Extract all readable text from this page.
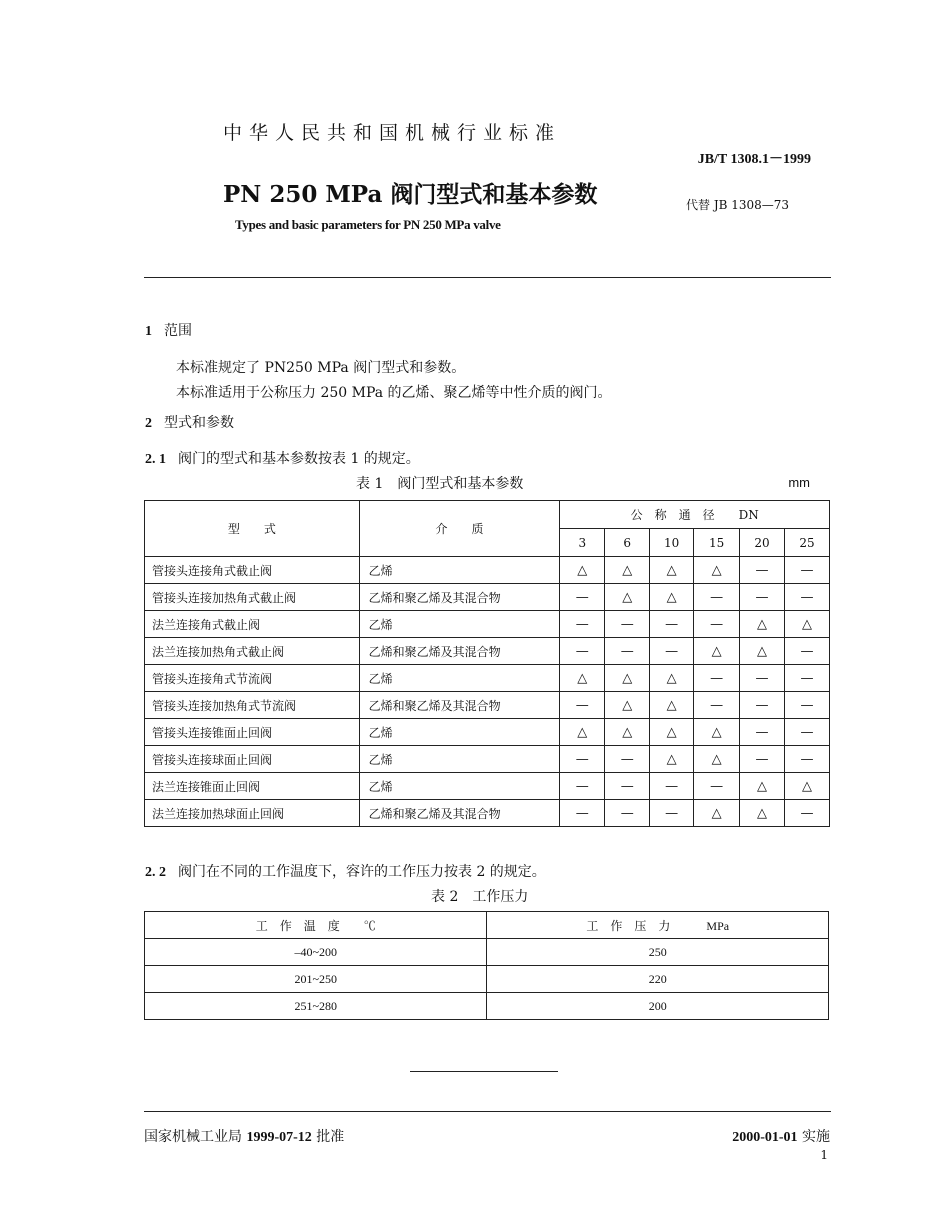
中华人民共和国机械行业标准
JB/T 1308.1－1999
PN 250 MPa 阀门型式和基本参数	代替 JB 1308—73
Types and basic parameters for PN 250 MPa valve
1 范围
本标准规定了 PN250 MPa 阀门型式和参数。
本标准适用于公称压力 250 MPa 的乙烯、聚乙烯等中性介质的阀门。
2 型式和参数
2. 1 阀门的型式和基本参数按表 1 的规定。
表 1　阀门型式和基本参数	mm
型　　式	介　　质	公　称　通　径　　DN					
		3	6	10	15	20	25
管接头连接角式截止阀	乙烯	△	△	△	△	—	—
管接头连接加热角式截止阀	乙烯和聚乙烯及其混合物	—	△	△	—	—	—
法兰连接角式截止阀	乙烯	—	—	—	—	△	△
法兰连接加热角式截止阀	乙烯和聚乙烯及其混合物	—	—	—	△	△	—
管接头连接角式节流阀	乙烯	△	△	△	—	—	—
管接头连接加热角式节流阀	乙烯和聚乙烯及其混合物	—	△	△	—	—	—
管接头连接锥面止回阀	乙烯	△	△	△	△	—	—
管接头连接球面止回阀	乙烯	—	—	△	△	—	—
法兰连接锥面止回阀	乙烯	—	—	—	—	△	△
法兰连接加热球面止回阀	乙烯和聚乙烯及其混合物	—	—	—	△	△	—
2. 2 阀门在不同的工作温度下，容许的工作压力按表 2 的规定。
表 2　工作压力
工　作　温　度　　℃	工　作　压　力　　　MPa
–40~200	250
201~250	220
251~280	200
国家机械工业局 1999-07-12 批准	2000-01-01 实施
1
